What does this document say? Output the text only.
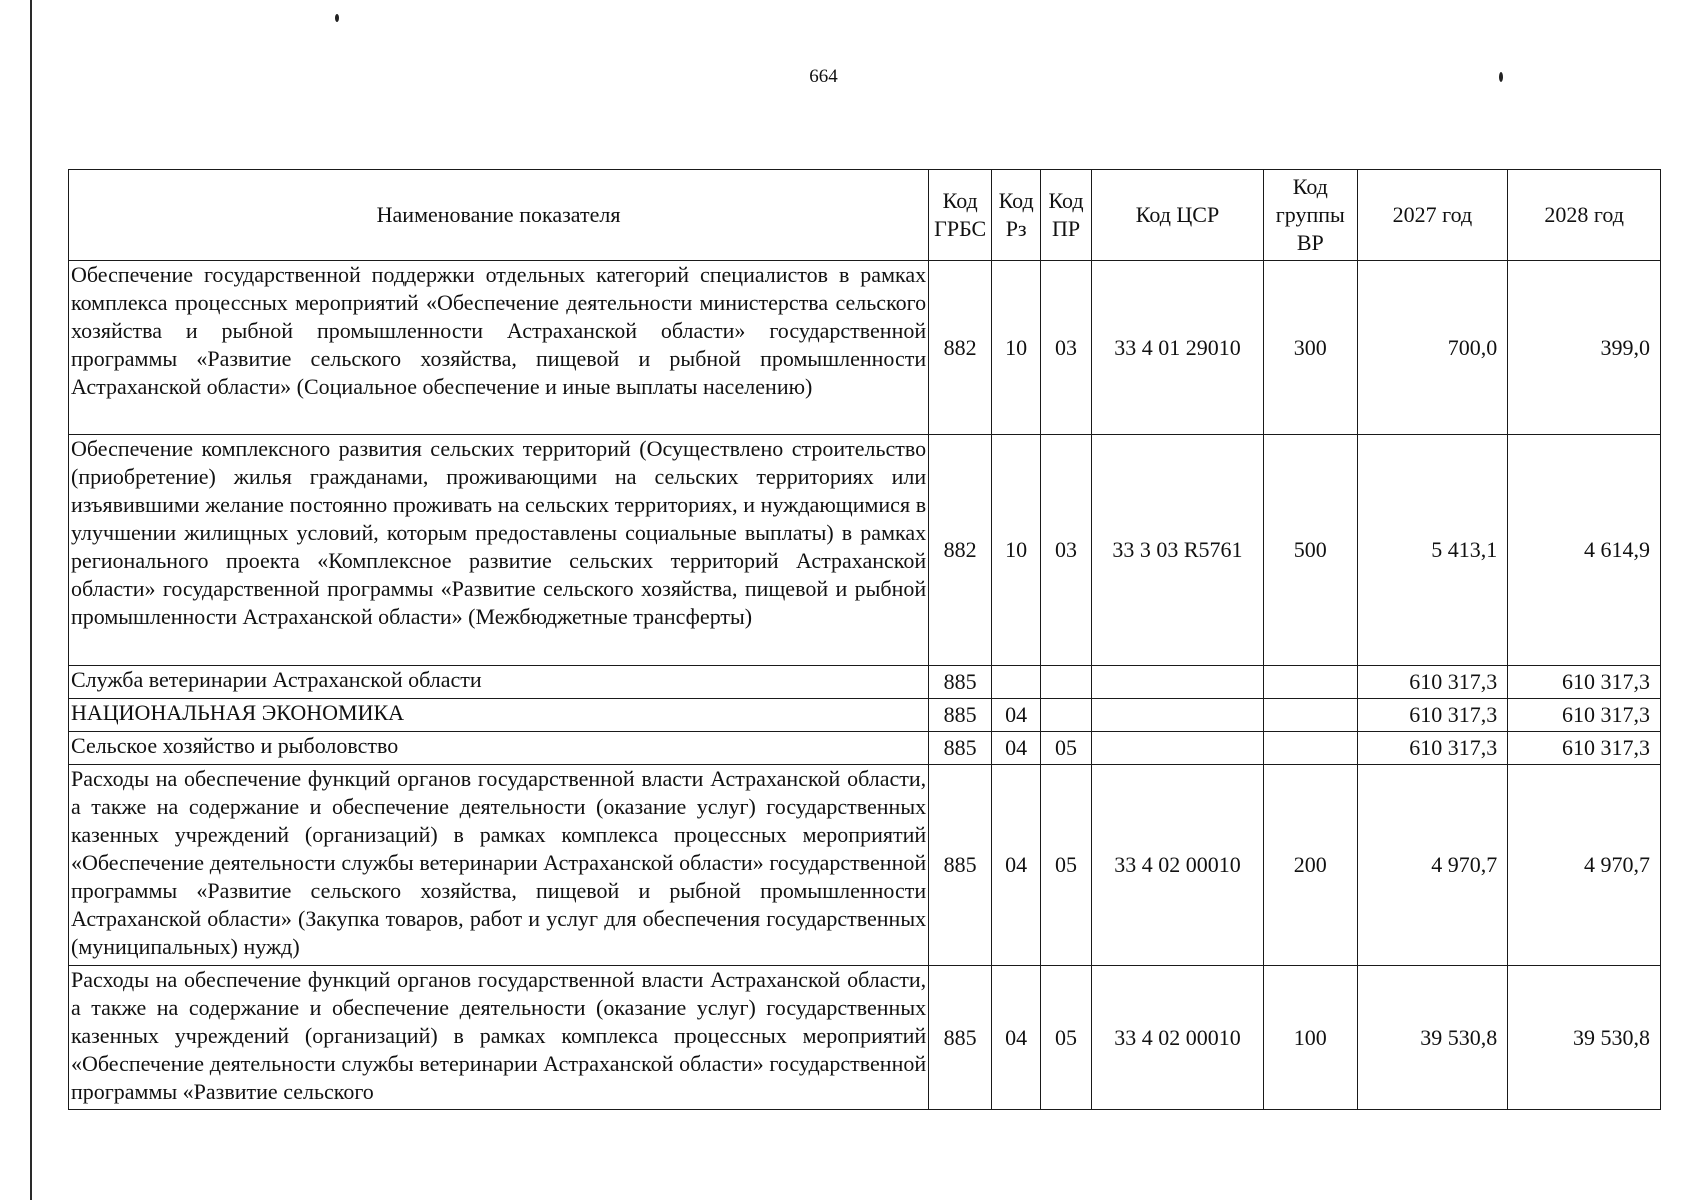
664
Наименование показателя	Код ГРБС	Код Рз	Код ПР	Код ЦСР	Код группы ВР	2027 год	2028 год
Обеспечение государственной поддержки отдельных категорий специалистов в рамках комплекса процессных мероприятий «Обеспечение деятельности министерства сельского хозяйства и рыбной промышленности Астраханской области» государственной программы «Развитие сельского хозяйства, пищевой и рыбной промышленности Астраханской области» (Социальное обеспечение и иные выплаты населению)	882	10	03	33 4 01 29010	300	700,0	399,0
Обеспечение комплексного развития сельских территорий (Осуществлено строительство (приобретение) жилья гражданами, проживающими на сельских территориях или изъявившими желание постоянно проживать на сельских территориях, и нуждающимися в улучшении жилищных условий, которым предоставлены социальные выплаты) в рамках регионального проекта «Комплексное развитие сельских территорий Астраханской области» государственной программы «Развитие сельского хозяйства, пищевой и рыбной промышленности Астраханской области» (Межбюджетные трансферты)	882	10	03	33 3 03 R5761	500	5 413,1	4 614,9
Служба ветеринарии Астраханской области	885					610 317,3	610 317,3
НАЦИОНАЛЬНАЯ ЭКОНОМИКА	885	04				610 317,3	610 317,3
Сельское хозяйство и рыболовство	885	04	05			610 317,3	610 317,3
Расходы на обеспечение функций органов государственной власти Астраханской области, а также на содержание и обеспечение деятельности (оказание услуг) государственных казенных учреждений (организаций) в рамках комплекса процессных мероприятий «Обеспечение деятельности службы ветеринарии Астраханской области» государственной программы «Развитие сельского хозяйства, пищевой и рыбной промышленности Астраханской области» (Закупка товаров, работ и услуг для обеспечения государственных (муниципальных) нужд)	885	04	05	33 4 02 00010	200	4 970,7	4 970,7

Расходы на обеспечение функций органов государственной власти Астраханской области, а также на содержание и обеспечение деятельности (оказание услуг) государственных казенных учреждений (организаций) в рамках комплекса процессных мероприятий «Обеспечение деятельности службы ветеринарии Астраханской области» государственной программы «Развитие сельского	885	04	05	33 4 02 00010	100	39 530,8	39 530,8
